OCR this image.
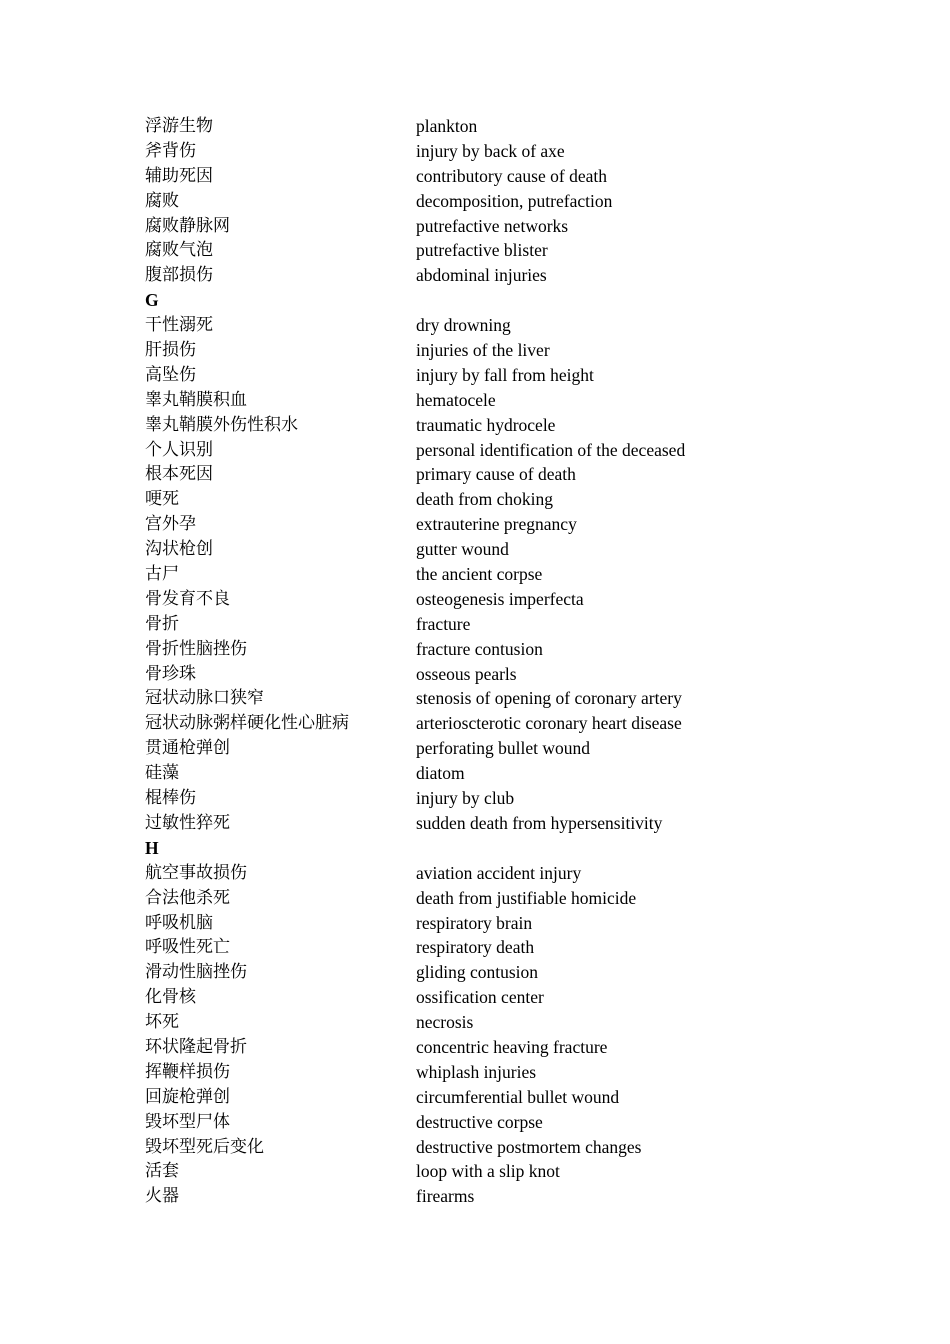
浮游生物	plankton
斧背伤	injury by back of axe
辅助死因	contributory cause of death
腐败	decomposition, putrefaction
腐败静脉网	putrefactive networks
腐败气泡	putrefactive blister
腹部损伤	abdominal injuries
G
干性溺死	dry drowning
肝损伤	injuries of the liver
高坠伤	injury by fall from height
睾丸鞘膜积血	hematocele
睾丸鞘膜外伤性积水	traumatic hydrocele
个人识别	personal identification of the deceased
根本死因	primary cause of death
哽死	death from choking
宫外孕	extrauterine pregnancy
沟状枪创	gutter wound
古尸	the ancient corpse
骨发育不良	osteogenesis imperfecta
骨折	fracture
骨折性脑挫伤	fracture contusion
骨珍珠	osseous pearls
冠状动脉口狭窄	stenosis of opening of coronary artery
冠状动脉粥样硬化性心脏病	arterioscterotic coronary heart disease
贯通枪弹创	perforating bullet wound
硅藻	diatom
棍棒伤	injury by club
过敏性猝死	sudden death from hypersensitivity
H
航空事故损伤	aviation accident injury
合法他杀死	death from justifiable homicide
呼吸机脑	respiratory brain
呼吸性死亡	respiratory death
滑动性脑挫伤	gliding contusion
化骨核	ossification center
坏死	necrosis
环状隆起骨折	concentric heaving fracture
挥鞭样损伤	whiplash injuries
回旋枪弹创	circumferential bullet wound
毁坏型尸体	destructive corpse
毁坏型死后变化	destructive postmortem changes
活套	loop with a slip knot
火器	firearms
